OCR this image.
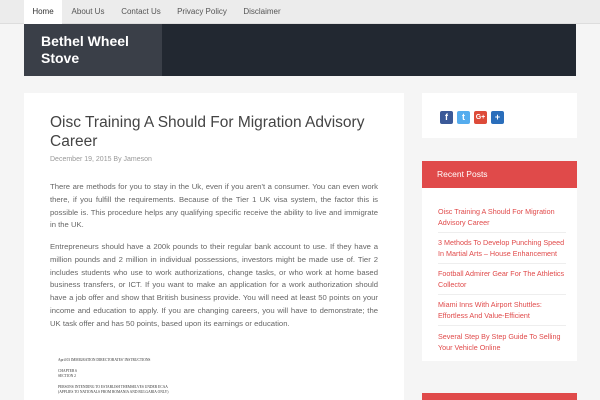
Home	About Us	Contact Us	Privacy Policy	Disclaimer
Bethel Wheel Stove
Oisc Training A Should For Migration Advisory Career
December 19, 2015 By Jameson
There are methods for you to stay in the Uk, even if you aren't a consumer. You can even work there, if you fulfill the requirements. Because of the Tier 1 UK visa system, the factor this is possible is. This procedure helps any qualifying specific receive the ability to live and immigrate in the UK.
Entrepreneurs should have a 200k pounds to their regular bank account to use. If they have a million pounds and 2 million in individual possessions, investors might be made use of. Tier 2 includes students who use to work authorizations, change tasks, or who work at home based business transfers, or ICT. If you want to make an application for a work authorization should have a job offer and show that British business provide. You will need at least 50 points on your income and education to apply. If you are changing careers, you will have to demonstrate; the UK task offer and has 50 points, based upon its earnings or education.
April 03 IMMIGRATION DIRECTORATES' INSTRUCTIONS
CHAPTER 6
SECTION 2
PERSONS INTENDING TO ESTABLISH THEMSELVES UNDER ECAA
(APPLIES TO NATIONALS FROM ROMANIA AND BULGARIA ONLY)
f	t	G+	+
Recent Posts
Oisc Training A Should For Migration Advisory Career
3 Methods To Develop Punching Speed In Martial Arts – House Enhancement
Football Admirer Gear For The Athletics Collector
Miami Inns With Airport Shuttles: Effortless And Value-Efficient
Several Step By Step Guide To Selling Your Vehicle Online
